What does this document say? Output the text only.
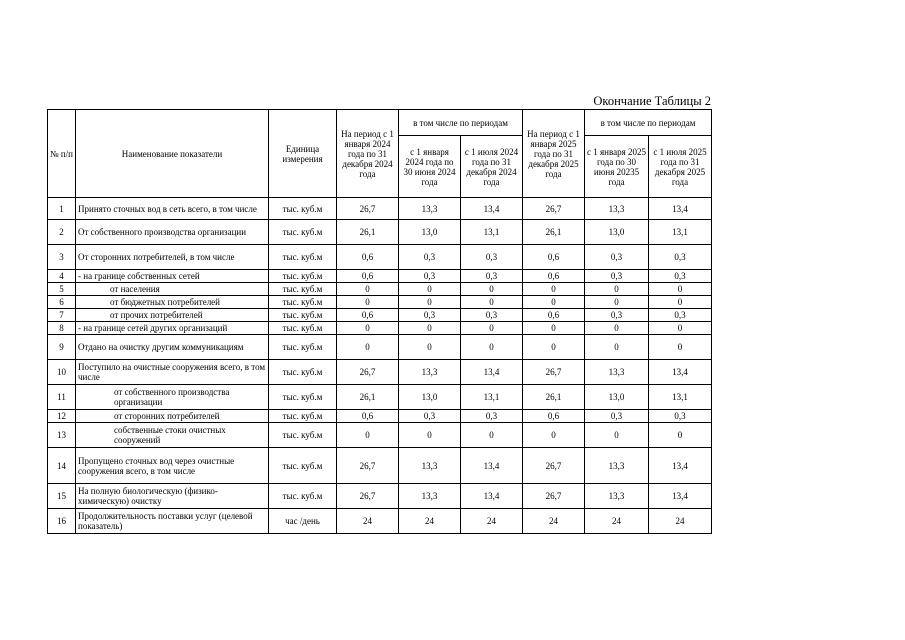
Окончание Таблицы 2
№ п/п	Наименование показатели	Единица измерения	На период с 1 января 2024 года по 31 декабря 2024 года	в том числе по периодам		На период с 1 января 2025 года по 31 декабря 2025 года	в том числе по периодам	
				с 1 января 2024 года по 30 июня 2024 года	с 1 июля 2024 года по 31 декабря 2024 года		с 1 января 2025 года по 30 июня 20235 года	с 1 июля 2025 года по 31 декабря 2025 года
1	Принято сточных вод в сеть всего, в том числе	тыс. куб.м	26,7	13,3	13,4	26,7	13,3	13,4
2	От собственного производства организации	тыс. куб.м	26,1	13,0	13,1	26,1	13,0	13,1
3	От сторонних потребителей, в том числе	тыс. куб.м	0,6	0,3	0,3	0,6	0,3	0,3
4	- на границе собственных сетей	тыс. куб.м	0,6	0,3	0,3	0,6	0,3	0,3
5	от населения	тыс. куб.м	0	0	0	0	0	0
6	от бюджетных потребителей	тыс. куб.м	0	0	0	0	0	0
7	от прочих потребителей	тыс. куб.м	0,6	0,3	0,3	0,6	0,3	0,3
8	- на границе сетей других организаций	тыс. куб.м	0	0	0	0	0	0
9	Отдано на очистку другим коммуникациям	тыс. куб.м	0	0	0	0	0	0
10	Поступило на очистные сооружения всего, в том числе	тыс. куб.м	26,7	13,3	13,4	26,7	13,3	13,4
11	от собственного производства организации	тыс. куб.м	26,1	13,0	13,1	26,1	13,0	13,1
12	от сторонних потребителей	тыс. куб.м	0,6	0,3	0,3	0,6	0,3	0,3
13	собственные стоки очистных сооружений	тыс. куб.м	0	0	0	0	0	0
14	Пропущено сточных вод через очистные сооружения всего, в том числе	тыс. куб.м	26,7	13,3	13,4	26,7	13,3	13,4
15	На полную биологическую (физико-химическую) очистку	тыс. куб.м	26,7	13,3	13,4	26,7	13,3	13,4
16	Продолжительность поставки услуг (целевой показатель)	час /день	24	24	24	24	24	24
